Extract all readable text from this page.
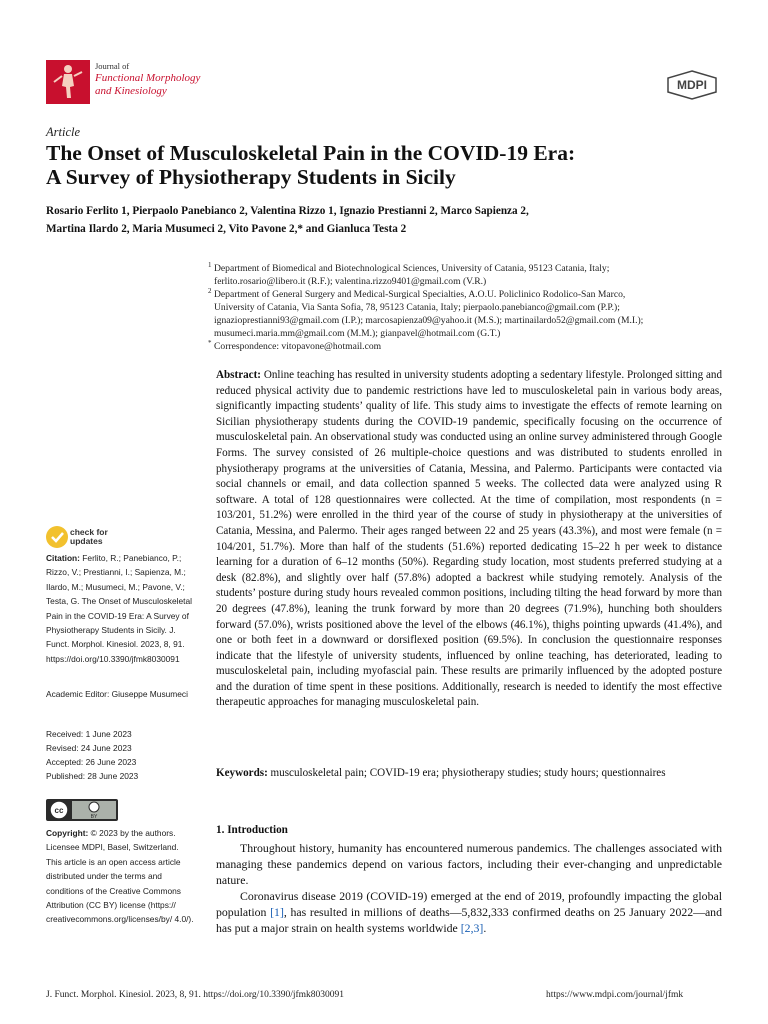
Journal of
Functional Morphology
and Kinesiology	MDPI
Article
The Onset of Musculoskeletal Pain in the COVID-19 Era:
A Survey of Physiotherapy Students in Sicily
Rosario Ferlito 1, Pierpaolo Panebianco 2, Valentina Rizzo 1, Ignazio Prestianni 2, Marco Sapienza 2,
Martina Ilardo 2, Maria Musumeci 2, Vito Pavone 2,* and Gianluca Testa 2
1 Department of Biomedical and Biotechnological Sciences, University of Catania, 95123 Catania, Italy;
ferlito.rosario@libero.it (R.F.); valentina.rizzo9401@gmail.com (V.R.)
2 Department of General Surgery and Medical-Surgical Specialties, A.O.U. Policlinico Rodolico-San Marco,
University of Catania, Via Santa Sofia, 78, 95123 Catania, Italy; pierpaolo.panebianco@gmail.com (P.P.);
ignazioprestianni93@gmail.com (I.P.); marcosapienza09@yahoo.it (M.S.); martinailardo52@gmail.com (M.I.);
musumeci.maria.mm@gmail.com (M.M.); gianpavel@hotmail.com (G.T.)
* Correspondence: vitopavone@hotmail.com
Abstract: Online teaching has resulted in university students adopting a sedentary lifestyle. Prolonged sitting and reduced physical activity due to pandemic restrictions have led to musculoskeletal pain in various body areas, significantly impacting students’ quality of life. This study aims to investigate the effects of remote learning on Sicilian physiotherapy students during the COVID-19 pandemic, specifically focusing on the occurrence of musculoskeletal pain. An observational study was conducted using an online survey administered through Google Forms. The survey consisted of 26 multiple-choice questions and was distributed to students enrolled in physiotherapy programs at the universities of Catania, Messina, and Palermo. Participants were contacted via social channels or email, and data collection spanned 5 weeks. The collected data were analyzed using R software. A total of 128 questionnaires were collected. At the time of compilation, most respondents (n = 103/201, 51.2%) were enrolled in the third year of the course of study in physiotherapy at the universities of Catania, Messina, and Palermo. Their ages ranged between 22 and 25 years (43.3%), and most were female (n = 104/201, 51.7%). More than half of the students (51.6%) reported dedicating 15–22 h per week to distance learning for a duration of 6–12 months (50%). Regarding study location, most students preferred studying at a desk (82.8%), and slightly over half (57.8%) adopted a backrest while studying remotely. Analysis of the students’ posture during study hours revealed common positions, including tilting the head forward by more than 20 degrees (47.8%), leaning the trunk forward by more than 20 degrees (71.9%), hunching both shoulders forward (57.0%), wrists positioned above the level of the elbows (46.1%), thighs pointing upwards (41.4%), and one or both feet in a downward or dorsiflexed position (69.5%). In conclusion the questionnaire responses indicate that the lifestyle of university students, influenced by online teaching, has deteriorated, leading to musculoskeletal pain, including myofascial pain. These results are primarily influenced by the adopted posture and the duration of time spent in these positions. Additionally, research is needed to identify the most effective therapeutic approaches for managing musculoskeletal pain.
Keywords: musculoskeletal pain; COVID-19 era; physiotherapy studies; study hours; questionnaires
1. Introduction
Throughout history, humanity has encountered numerous pandemics. The challenges associated with managing these pandemics depend on various factors, including their ever-changing and unpredictable nature.
Coronavirus disease 2019 (COVID-19) emerged at the end of 2019, profoundly impacting the global population [1], has resulted in millions of deaths—5,832,333 confirmed deaths on 25 January 2022—and has put a major strain on health systems worldwide [2,3].
check for
updates
Citation: Ferlito, R.; Panebianco, P.; Rizzo, V.; Prestianni, I.; Sapienza, M.; Ilardo, M.; Musumeci, M.; Pavone, V.; Testa, G. The Onset of Musculoskeletal Pain in the COVID-19 Era: A Survey of Physiotherapy Students in Sicily. J. Funct. Morphol. Kinesiol. 2023, 8, 91. https://doi.org/10.3390/jfmk8030091
Academic Editor: Giuseppe Musumeci
Received: 1 June 2023
Revised: 24 June 2023
Accepted: 26 June 2023
Published: 28 June 2023
cc
BY
Copyright: © 2023 by the authors. Licensee MDPI, Basel, Switzerland. This article is an open access article distributed under the terms and conditions of the Creative Commons Attribution (CC BY) license (https:// creativecommons.org/licenses/by/ 4.0/).
J. Funct. Morphol. Kinesiol. 2023, 8, 91. https://doi.org/10.3390/jfmk8030091	https://www.mdpi.com/journal/jfmk
